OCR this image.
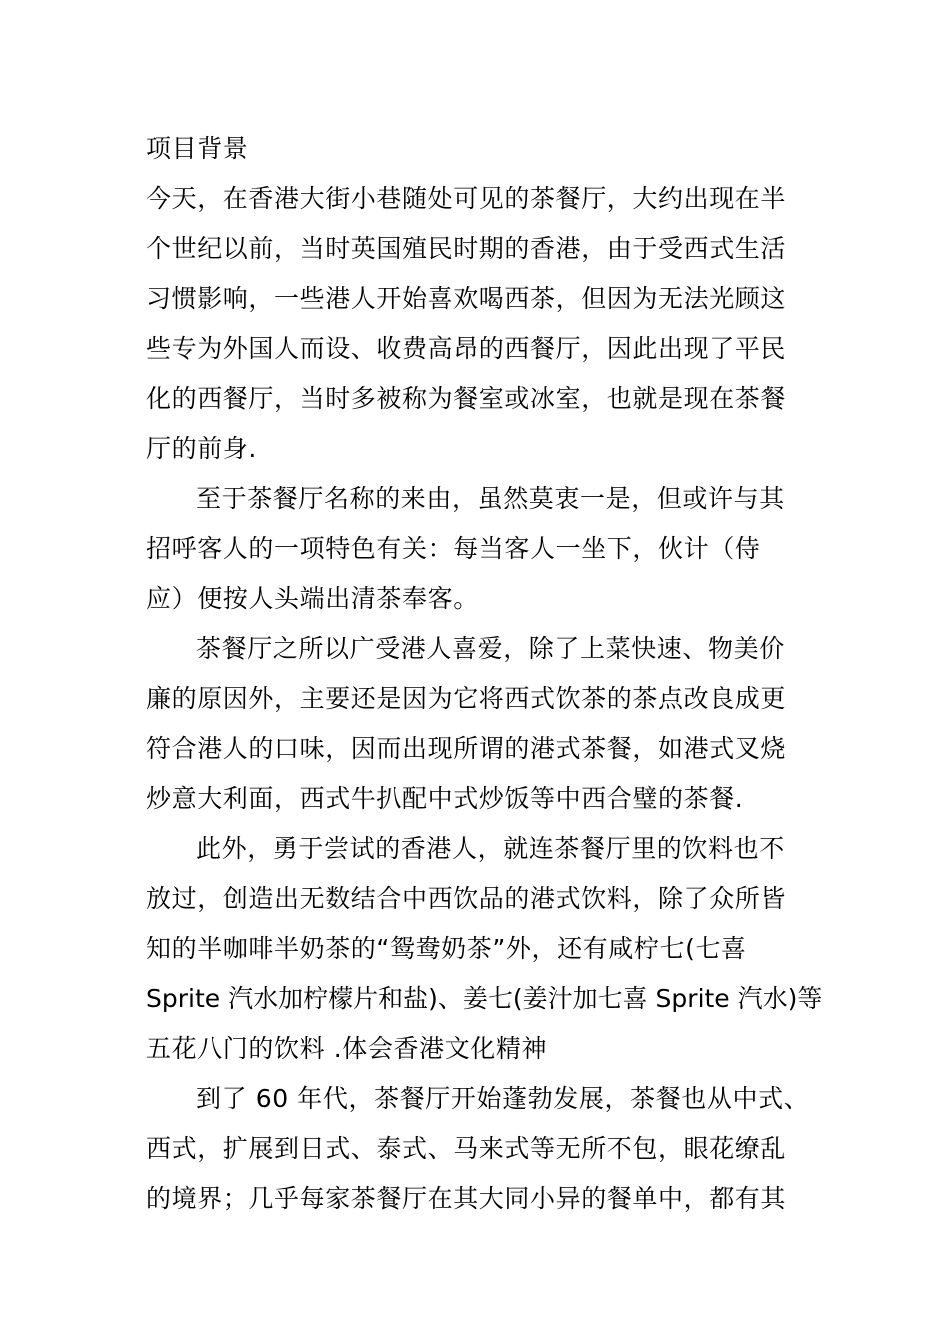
项目背景
今天，在香港大街小巷随处可见的茶餐厅，大约出现在半
个世纪以前，当时英国殖民时期的香港，由于受西式生活
习惯影响，一些港人开始喜欢喝西茶，但因为无法光顾这
些专为外国人而设、收费高昂的西餐厅，因此出现了平民
化的西餐厅，当时多被称为餐室或冰室，也就是现在茶餐
厅的前身.
至于茶餐厅名称的来由，虽然莫衷一是，但或许与其
招呼客人的一项特色有关：每当客人一坐下，伙计（侍
应）便按人头端出清茶奉客。
茶餐厅之所以广受港人喜爱，除了上菜快速、物美价
廉的原因外，主要还是因为它将西式饮茶的茶点改良成更
符合港人的口味，因而出现所谓的港式茶餐，如港式叉烧
炒意大利面，西式牛扒配中式炒饭等中西合璧的茶餐.
此外，勇于尝试的香港人，就连茶餐厅里的饮料也不
放过，创造出无数结合中西饮品的港式饮料，除了众所皆
知的半咖啡半奶茶的“鸳鸯奶茶”外，还有咸柠七(七喜
Sprite 汽水加柠檬片和盐)、姜七(姜汁加七喜 Sprite 汽水)等
五花八门的饮料 .体会香港文化精神
到了 60 年代，茶餐厅开始蓬勃发展，茶餐也从中式、
西式，扩展到日式、泰式、马来式等无所不包，眼花缭乱
的境界；几乎每家茶餐厅在其大同小异的餐单中，都有其
